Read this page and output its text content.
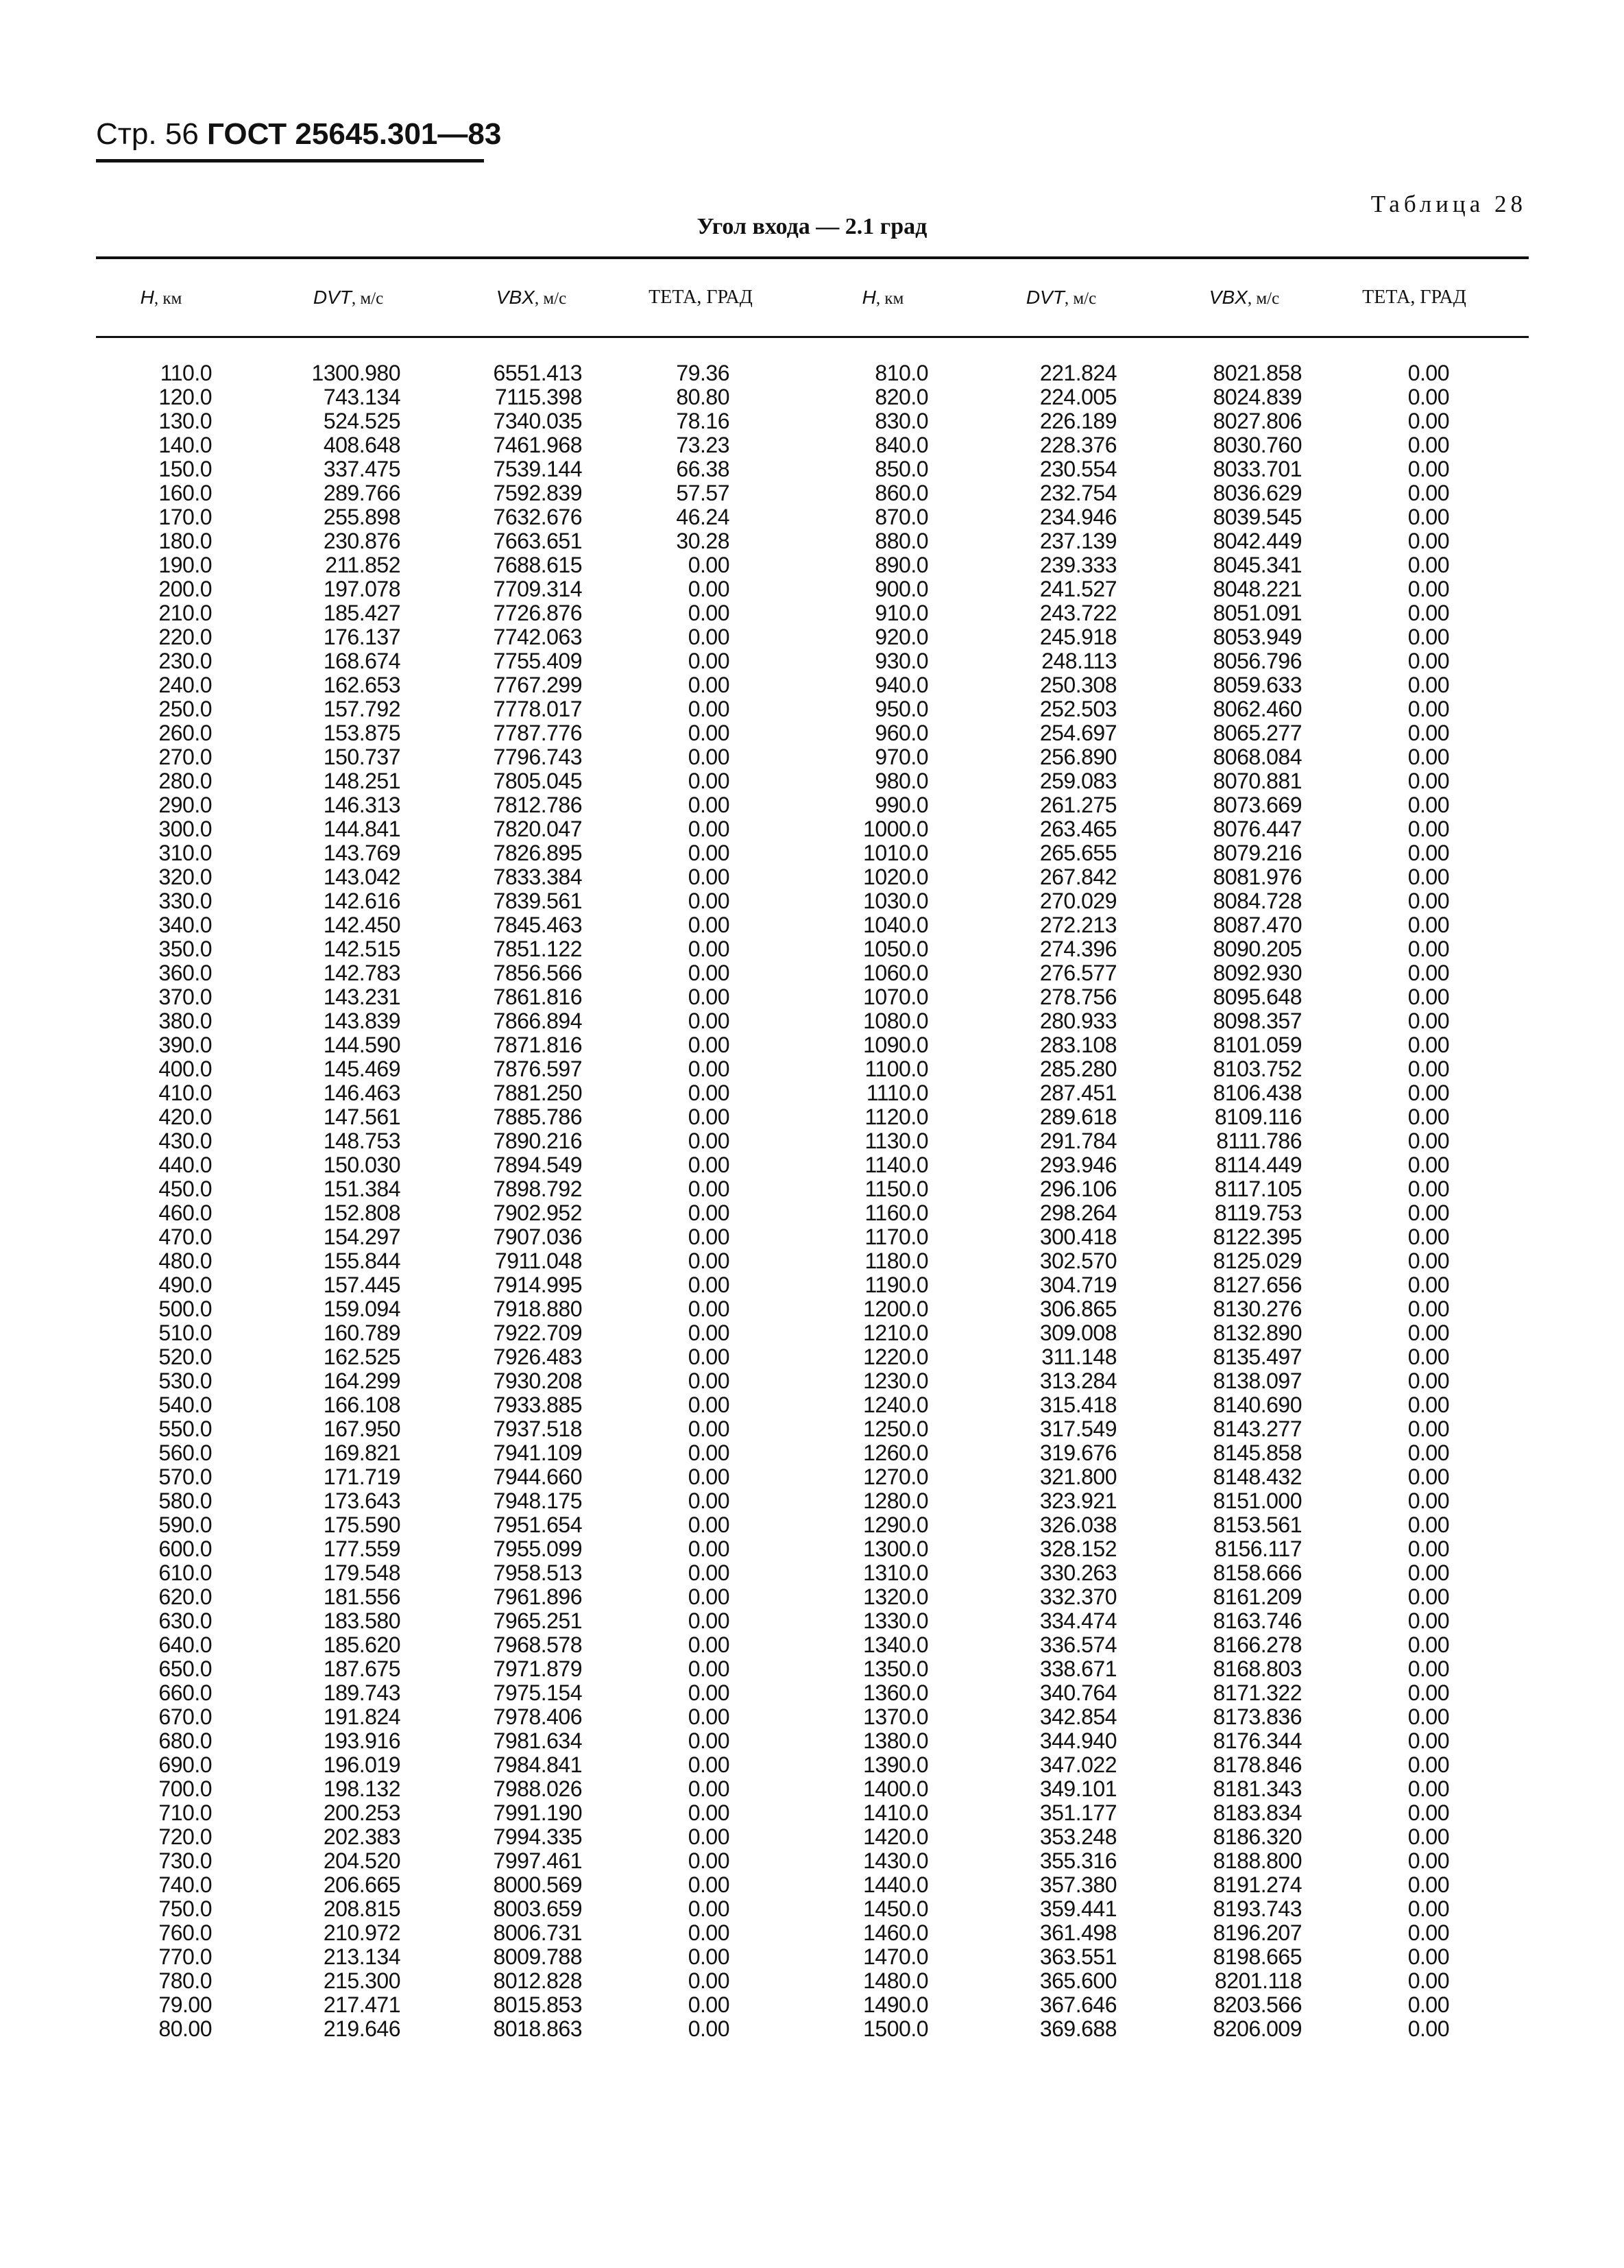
Стр. 56 ГОСТ 25645.301—83
Таблица 28
Угол входа — 2.1 град
H, км	DVT, м/с	VBX, м/с	ТЕТА, ГРАД	H, км	DVT, м/с	VBX, м/с	ТЕТА, ГРАД
110.0	1300.980	6551.413	79.36	810.0	221.824	8021.858	0.00
120.0	743.134	7115.398	80.80	820.0	224.005	8024.839	0.00
130.0	524.525	7340.035	78.16	830.0	226.189	8027.806	0.00
140.0	408.648	7461.968	73.23	840.0	228.376	8030.760	0.00
150.0	337.475	7539.144	66.38	850.0	230.554	8033.701	0.00
160.0	289.766	7592.839	57.57	860.0	232.754	8036.629	0.00
170.0	255.898	7632.676	46.24	870.0	234.946	8039.545	0.00
180.0	230.876	7663.651	30.28	880.0	237.139	8042.449	0.00
190.0	211.852	7688.615	0.00	890.0	239.333	8045.341	0.00
200.0	197.078	7709.314	0.00	900.0	241.527	8048.221	0.00
210.0	185.427	7726.876	0.00	910.0	243.722	8051.091	0.00
220.0	176.137	7742.063	0.00	920.0	245.918	8053.949	0.00
230.0	168.674	7755.409	0.00	930.0	248.113	8056.796	0.00
240.0	162.653	7767.299	0.00	940.0	250.308	8059.633	0.00
250.0	157.792	7778.017	0.00	950.0	252.503	8062.460	0.00
260.0	153.875	7787.776	0.00	960.0	254.697	8065.277	0.00
270.0	150.737	7796.743	0.00	970.0	256.890	8068.084	0.00
280.0	148.251	7805.045	0.00	980.0	259.083	8070.881	0.00
290.0	146.313	7812.786	0.00	990.0	261.275	8073.669	0.00
300.0	144.841	7820.047	0.00	1000.0	263.465	8076.447	0.00
310.0	143.769	7826.895	0.00	1010.0	265.655	8079.216	0.00
320.0	143.042	7833.384	0.00	1020.0	267.842	8081.976	0.00
330.0	142.616	7839.561	0.00	1030.0	270.029	8084.728	0.00
340.0	142.450	7845.463	0.00	1040.0	272.213	8087.470	0.00
350.0	142.515	7851.122	0.00	1050.0	274.396	8090.205	0.00
360.0	142.783	7856.566	0.00	1060.0	276.577	8092.930	0.00
370.0	143.231	7861.816	0.00	1070.0	278.756	8095.648	0.00
380.0	143.839	7866.894	0.00	1080.0	280.933	8098.357	0.00
390.0	144.590	7871.816	0.00	1090.0	283.108	8101.059	0.00
400.0	145.469	7876.597	0.00	1100.0	285.280	8103.752	0.00
410.0	146.463	7881.250	0.00	1110.0	287.451	8106.438	0.00
420.0	147.561	7885.786	0.00	1120.0	289.618	8109.116	0.00
430.0	148.753	7890.216	0.00	1130.0	291.784	8111.786	0.00
440.0	150.030	7894.549	0.00	1140.0	293.946	8114.449	0.00
450.0	151.384	7898.792	0.00	1150.0	296.106	8117.105	0.00
460.0	152.808	7902.952	0.00	1160.0	298.264	8119.753	0.00
470.0	154.297	7907.036	0.00	1170.0	300.418	8122.395	0.00
480.0	155.844	7911.048	0.00	1180.0	302.570	8125.029	0.00
490.0	157.445	7914.995	0.00	1190.0	304.719	8127.656	0.00
500.0	159.094	7918.880	0.00	1200.0	306.865	8130.276	0.00
510.0	160.789	7922.709	0.00	1210.0	309.008	8132.890	0.00
520.0	162.525	7926.483	0.00	1220.0	311.148	8135.497	0.00
530.0	164.299	7930.208	0.00	1230.0	313.284	8138.097	0.00
540.0	166.108	7933.885	0.00	1240.0	315.418	8140.690	0.00
550.0	167.950	7937.518	0.00	1250.0	317.549	8143.277	0.00
560.0	169.821	7941.109	0.00	1260.0	319.676	8145.858	0.00
570.0	171.719	7944.660	0.00	1270.0	321.800	8148.432	0.00
580.0	173.643	7948.175	0.00	1280.0	323.921	8151.000	0.00
590.0	175.590	7951.654	0.00	1290.0	326.038	8153.561	0.00
600.0	177.559	7955.099	0.00	1300.0	328.152	8156.117	0.00
610.0	179.548	7958.513	0.00	1310.0	330.263	8158.666	0.00
620.0	181.556	7961.896	0.00	1320.0	332.370	8161.209	0.00
630.0	183.580	7965.251	0.00	1330.0	334.474	8163.746	0.00
640.0	185.620	7968.578	0.00	1340.0	336.574	8166.278	0.00
650.0	187.675	7971.879	0.00	1350.0	338.671	8168.803	0.00
660.0	189.743	7975.154	0.00	1360.0	340.764	8171.322	0.00
670.0	191.824	7978.406	0.00	1370.0	342.854	8173.836	0.00
680.0	193.916	7981.634	0.00	1380.0	344.940	8176.344	0.00
690.0	196.019	7984.841	0.00	1390.0	347.022	8178.846	0.00
700.0	198.132	7988.026	0.00	1400.0	349.101	8181.343	0.00
710.0	200.253	7991.190	0.00	1410.0	351.177	8183.834	0.00
720.0	202.383	7994.335	0.00	1420.0	353.248	8186.320	0.00
730.0	204.520	7997.461	0.00	1430.0	355.316	8188.800	0.00
740.0	206.665	8000.569	0.00	1440.0	357.380	8191.274	0.00
750.0	208.815	8003.659	0.00	1450.0	359.441	8193.743	0.00
760.0	210.972	8006.731	0.00	1460.0	361.498	8196.207	0.00
770.0	213.134	8009.788	0.00	1470.0	363.551	8198.665	0.00
780.0	215.300	8012.828	0.00	1480.0	365.600	8201.118	0.00
79.00	217.471	8015.853	0.00	1490.0	367.646	8203.566	0.00
80.00	219.646	8018.863	0.00	1500.0	369.688	8206.009	0.00
